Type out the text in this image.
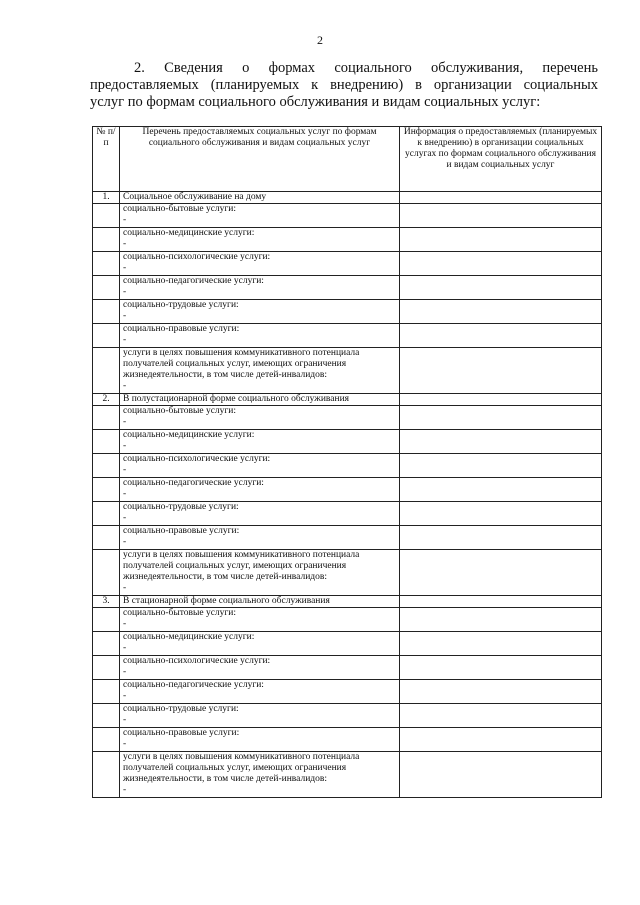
2
2. Сведения о формах социального обслуживания, перечень
предоставляемых (планируемых к внедрению) в организации социальных
услуг по формам социального обслуживания и видам социальных услуг:
№ п/п	Перечень предоставляемых социальных услуг по формам социального обслуживания и видам социальных услуг	Информация о предоставляемых (планируемых к внедрению) в организации социальных услугах по формам социального обслуживания и видам социальных услуг
1.	Социальное обслуживание на дому	
	социально-бытовые услуги:
-	

	социально-медицинские услуги:
-	

	социально-психологические услуги:
-	

	социально-педагогические услуги:
-	

	социально-трудовые услуги:
-	

	социально-правовые услуги:
-	

	услуги в целях повышения коммуникативного потенциала получателей социальных услуг, имеющих ограничения жизнедеятельности, в том числе детей-инвалидов:
-	

2.	В полустационарной форме социального обслуживания	
	социально-бытовые услуги:
-	

	социально-медицинские услуги:
-	

	социально-психологические услуги:
-	

	социально-педагогические услуги:
-	

	социально-трудовые услуги:
-	

	социально-правовые услуги:
-	

	услуги в целях повышения коммуникативного потенциала получателей социальных услуг, имеющих ограничения жизнедеятельности, в том числе детей-инвалидов:
-	

3.	В стационарной форме социального обслуживания	
	социально-бытовые услуги:
-	

	социально-медицинские услуги:
-	

	социально-психологические услуги:
-	

	социально-педагогические услуги:
-	

	социально-трудовые услуги:
-	

	социально-правовые услуги:
-	

	услуги в целях повышения коммуникативного потенциала получателей социальных услуг, имеющих ограничения жизнедеятельности, в том числе детей-инвалидов:
-	
